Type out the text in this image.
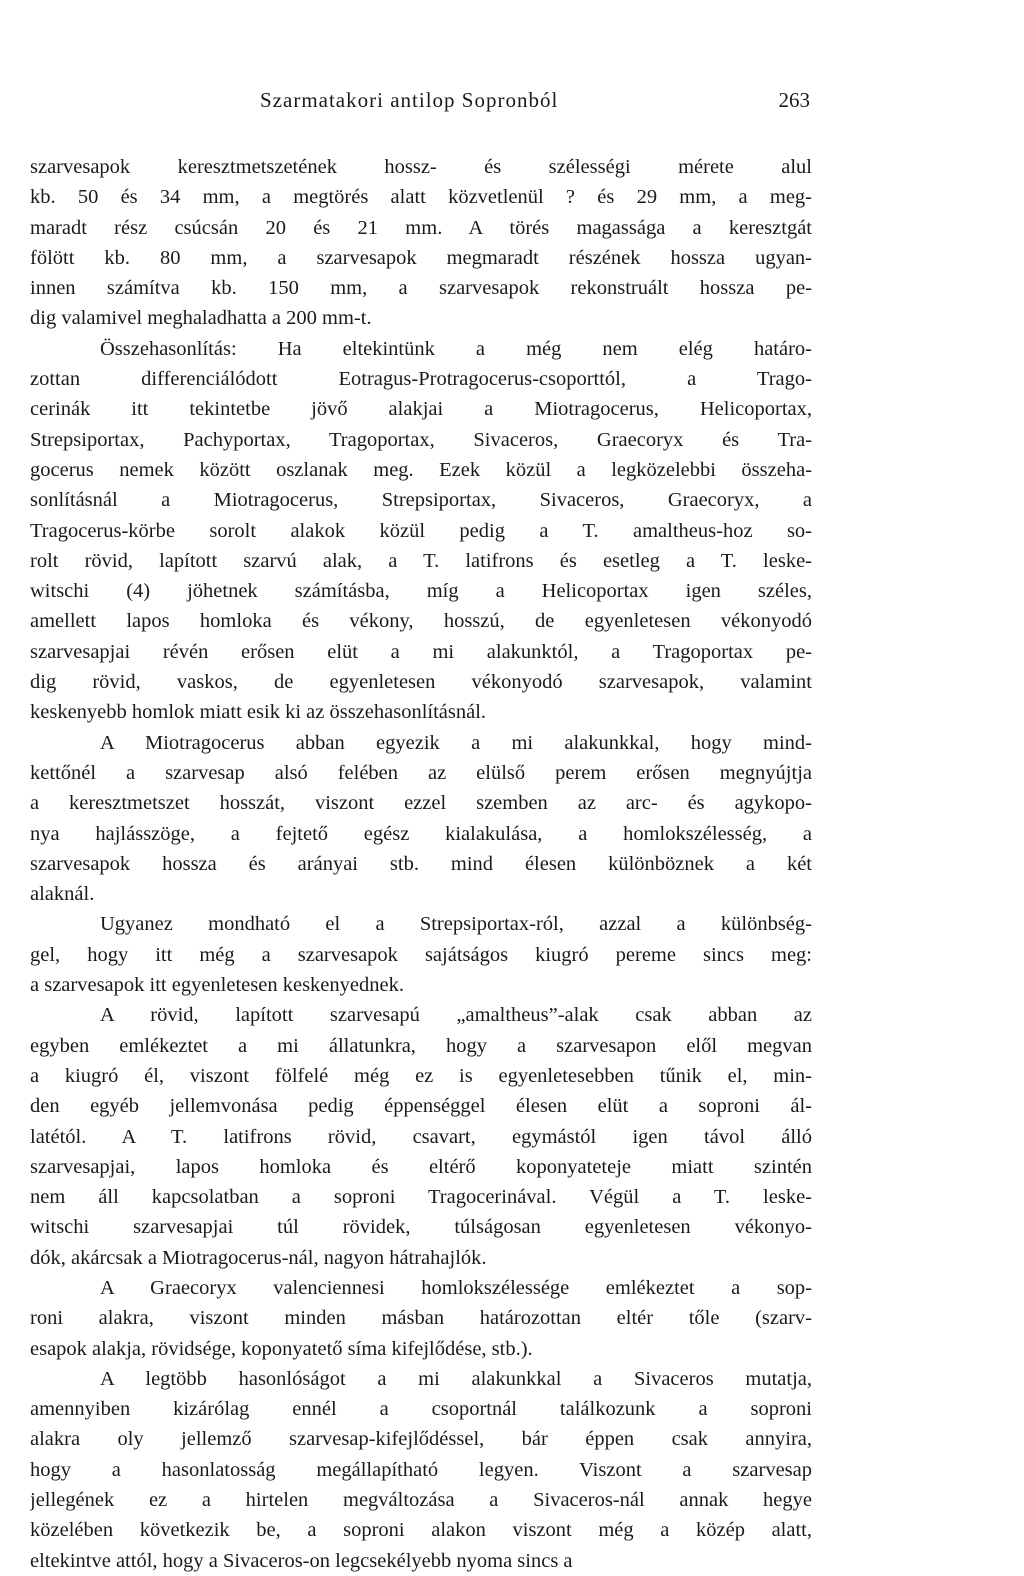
Szarmatakori antilop Sopronból	263
szarvesapok keresztmetszetének hossz- és szélességi mérete alul
kb. 50 és 34 mm, a megtörés alatt közvetlenül ? és 29 mm, a meg-
maradt rész csúcsán 20 és 21 mm. A törés magassága a keresztgát
fölött kb. 80 mm, a szarvesapok megmaradt részének hossza ugyan-
innen számítva kb. 150 mm, a szarvesapok rekonstruált hossza pe-
dig valamivel meghaladhatta a 200 mm-t.
Összehasonlítás: Ha eltekintünk a még nem elég határo-
zottan differenciálódott Eotragus-Protragocerus-csoporttól, a Trago-
cerinák itt tekintetbe jövő alakjai a Miotragocerus, Helicoportax,
Strepsiportax, Pachyportax, Tragoportax, Sivaceros, Graecoryx és Tra-
gocerus nemek között oszlanak meg. Ezek közül a legközelebbi összeha-
sonlításnál a Miotragocerus, Strepsiportax, Sivaceros, Graecoryx, a
Tragocerus-körbe sorolt alakok közül pedig a T. amaltheus-hoz so-
rolt rövid, lapított szarvú alak, a T. latifrons és esetleg a T. leske-
witschi (4) jöhetnek számításba, míg a Helicoportax igen széles,
amellett lapos homloka és vékony, hosszú, de egyenletesen vékonyodó
szarvesapjai révén erősen elüt a mi alakunktól, a Tragoportax pe-
dig rövid, vaskos, de egyenletesen vékonyodó szarvesapok, valamint
keskenyebb homlok miatt esik ki az összehasonlításnál.
A Miotragocerus abban egyezik a mi alakunkkal, hogy mind-
kettőnél a szarvesap alsó felében az elülső perem erősen megnyújtja
a keresztmetszet hosszát, viszont ezzel szemben az arc- és agykopo-
nya hajlásszöge, a fejtető egész kialakulása, a homlokszélesség, a
szarvesapok hossza és arányai stb. mind élesen különböznek a két
alaknál.
Ugyanez mondható el a Strepsiportax-ról, azzal a különbség-
gel, hogy itt még a szarvesapok sajátságos kiugró pereme sincs meg:
a szarvesapok itt egyenletesen keskenyednek.
A rövid, lapított szarvesapú „amaltheus”-alak csak abban az
egyben emlékeztet a mi állatunkra, hogy a szarvesapon elől megvan
a kiugró él, viszont fölfelé még ez is egyenletesebben tűnik el, min-
den egyéb jellemvonása pedig éppenséggel élesen elüt a soproni ál-
latétól. A T. latifrons rövid, csavart, egymástól igen távol álló
szarvesapjai, lapos homloka és eltérő koponyateteje miatt szintén
nem áll kapcsolatban a soproni Tragocerinával. Végül a T. leske-
witschi szarvesapjai túl rövidek, túlságosan egyenletesen vékonyo-
dók, akárcsak a Miotragocerus-nál, nagyon hátrahajlók.
A Graecoryx valenciennesi homlokszélessége emlékeztet a sop-
roni alakra, viszont minden másban határozottan eltér tőle (szarv-
esapok alakja, rövidsége, koponyatető síma kifejlődése, stb.).
A legtöbb hasonlóságot a mi alakunkkal a Sivaceros mutatja,
amennyiben kizárólag ennél a csoportnál találkozunk a soproni
alakra oly jellemző szarvesap-kifejlődéssel, bár éppen csak annyira,
hogy a hasonlatosság megállapítható legyen. Viszont a szarvesap
jellegének ez a hirtelen megváltozása a Sivaceros-nál annak hegye
közelében következik be, a soproni alakon viszont még a közép alatt,
eltekintve attól, hogy a Sivaceros-on legcsekélyebb nyoma sincs a
